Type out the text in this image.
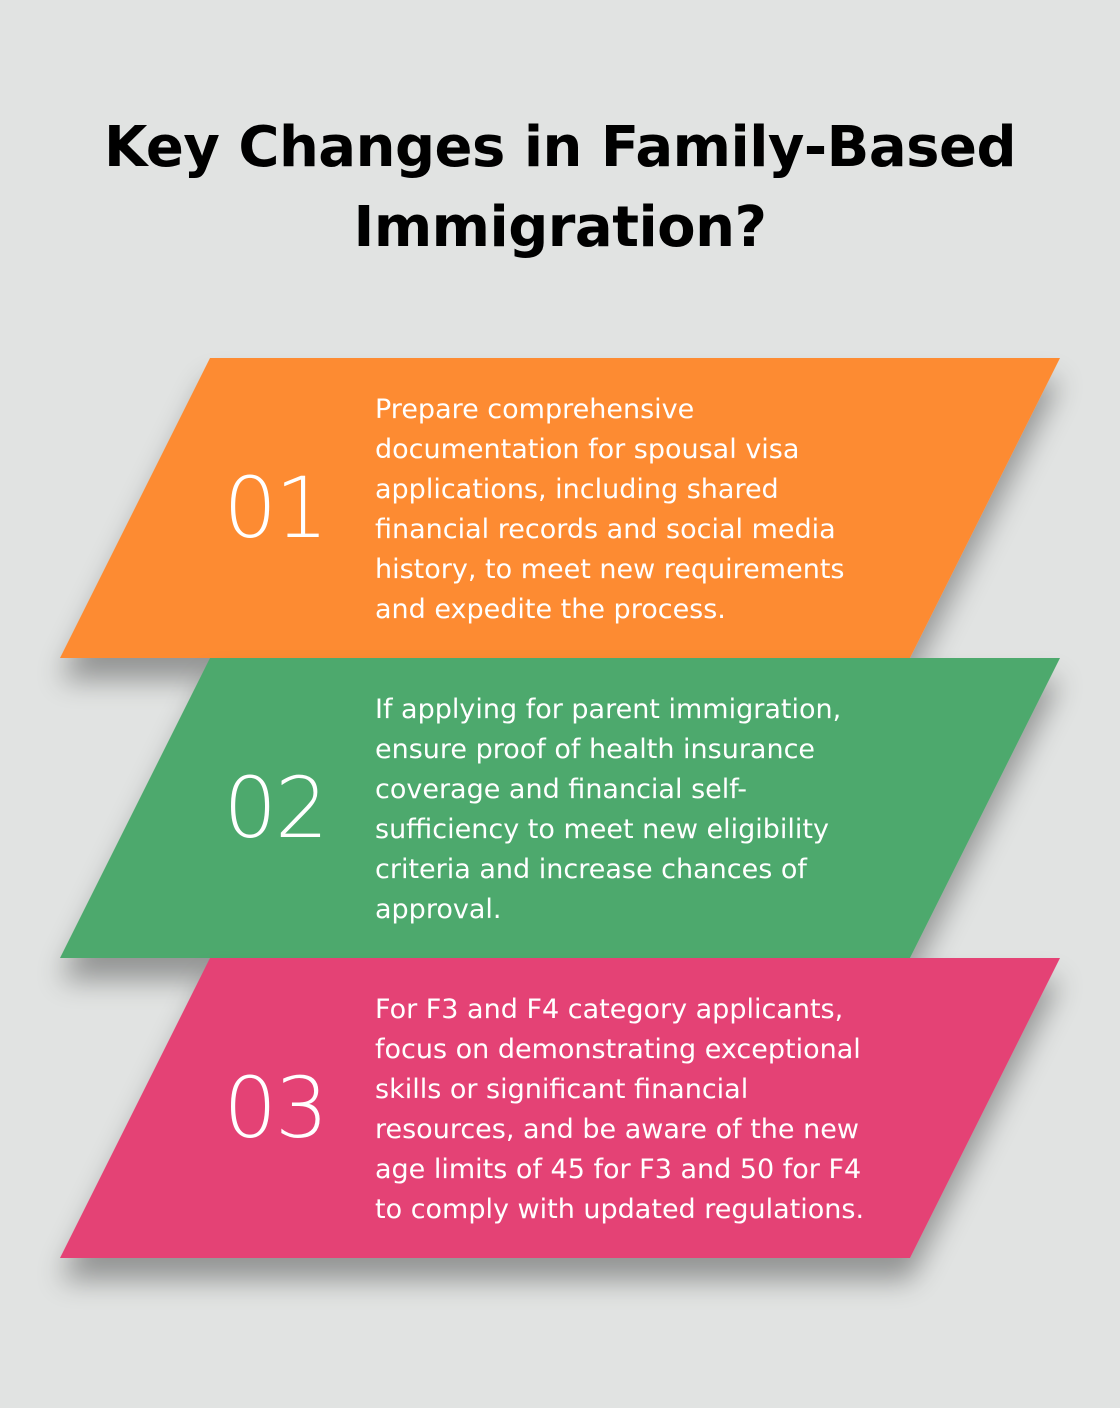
Key Changes in Family-Based
Immigration?
01

Prepare comprehensive
documentation for spousal visa
applications, including shared
financial records and social media
history, to meet new requirements
and expedite the process.

02

If applying for parent immigration,
ensure proof of health insurance
coverage and financial self-
sufficiency to meet new eligibility
criteria and increase chances of
approval.

03

For F3 and F4 category applicants,
focus on demonstrating exceptional
skills or significant financial
resources, and be aware of the new
age limits of 45 for F3 and 50 for F4
to comply with updated regulations.
